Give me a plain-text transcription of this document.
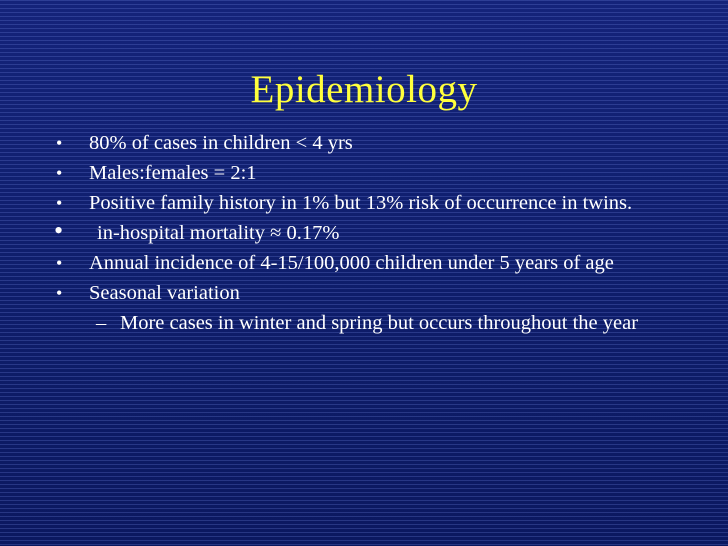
Epidemiology
• 80% of cases in children < 4 yrs
• Males:females = 2:1
• Positive family history in 1% but 13% risk of occurrence in twins.
• in-hospital mortality ≈ 0.17%
• Annual incidence of 4-15/100,000 children under 5 years of age
• Seasonal variation
– More cases in winter and spring but occurs throughout the year
